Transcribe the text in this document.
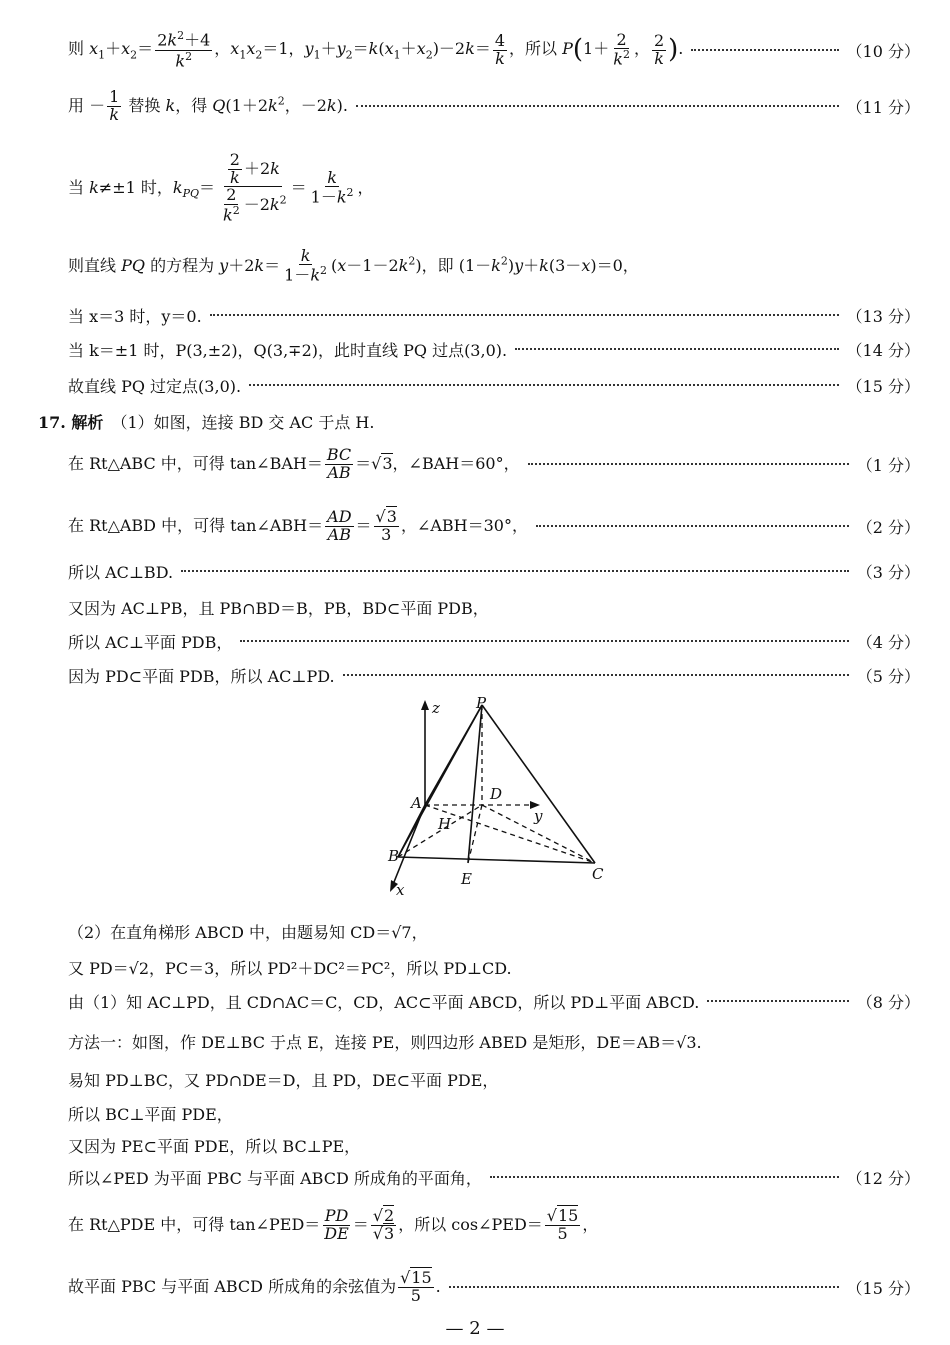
则 $x_1+x_2= \frac{2k^2+4}{k^2}$ ，$x_1x_2=1$，$y_1+y_2=k(x_1+x_2)-2k= \frac{4}{k}$ ，所以 $P(1+ \frac{2}{k^2}$ ， $\frac{2}{k}$ ).	（10 分）
用 － $\frac{1}{k}$ 替换 k，得 $Q(1+2k^2$，－2k).	（11 分）
当 k≠±1 时，$k_{PQ}= \frac{\frac{2}{k} +2k}{\frac{2}{k^2} -2k^2} = \frac{k}{1-k^2}$ ，
则直线 PQ 的方程为 $y+2k= \frac{k}{1-k^2} (x-1-2k^2)$，即 $(1-k^2)y+k(3-x)=0$，
当 x＝3 时，y＝0.	（13 分）
当 k＝±1 时，P(3,±2)，Q(3,∓2)，此时直线 PQ 过点(3,0).	（14 分）
故直线 PQ 过定点(3,0).	（15 分）
17. 解析　 （1）如图，连接 BD 交 AC 于点 H.
在 Rt△ABC 中，可得 tan∠BAH＝ $\frac{BC}{AB} =√3$，∠BAH＝60°，	（1 分）
在 Rt△ABD 中，可得 tan∠ABH＝ $\frac{AD}{AB} = \frac{√3}{3}$ ，∠ABH＝30°，	（2 分）
所以 AC⊥BD.	（3 分）
又因为 AC⊥PB，且 PB∩BD＝B，PB，BD⊂平面 PDB，
所以 AC⊥平面 PDB，	（4 分）
因为 PD⊂平面 PDB，所以 AC⊥PD.	（5 分）
P
z
A	D
y
H
B
E	C
x
（2）在直角梯形 ABCD 中，由题易知 CD＝√7，
又 PD＝√2，PC＝3，所以 PD²＋DC²＝PC²，所以 PD⊥CD.
由（1）知 AC⊥PD，且 CD∩AC＝C，CD，AC⊂平面 ABCD，所以 PD⊥平面 ABCD.	（8 分）
方法一：如图，作 DE⊥BC 于点 E，连接 PE，则四边形 ABED 是矩形，DE＝AB＝√3.
易知 PD⊥BC，又 PD∩DE＝D，且 PD，DE⊂平面 PDE，
所以 BC⊥平面 PDE，
又因为 PE⊂平面 PDE，所以 BC⊥PE，
所以∠PED 为平面 PBC 与平面 ABCD 所成角的平面角，	（12 分）
在 Rt△PDE 中，可得 tan∠PED＝ $\frac{PD}{DE} = \frac{√2}{√3}$ ，所以 cos∠PED＝ $\frac{√15}{5}$ ，
故平面 PBC 与平面 ABCD 所成角的余弦值为 $\frac{√15}{5}$ .	（15 分）
— 2 —
